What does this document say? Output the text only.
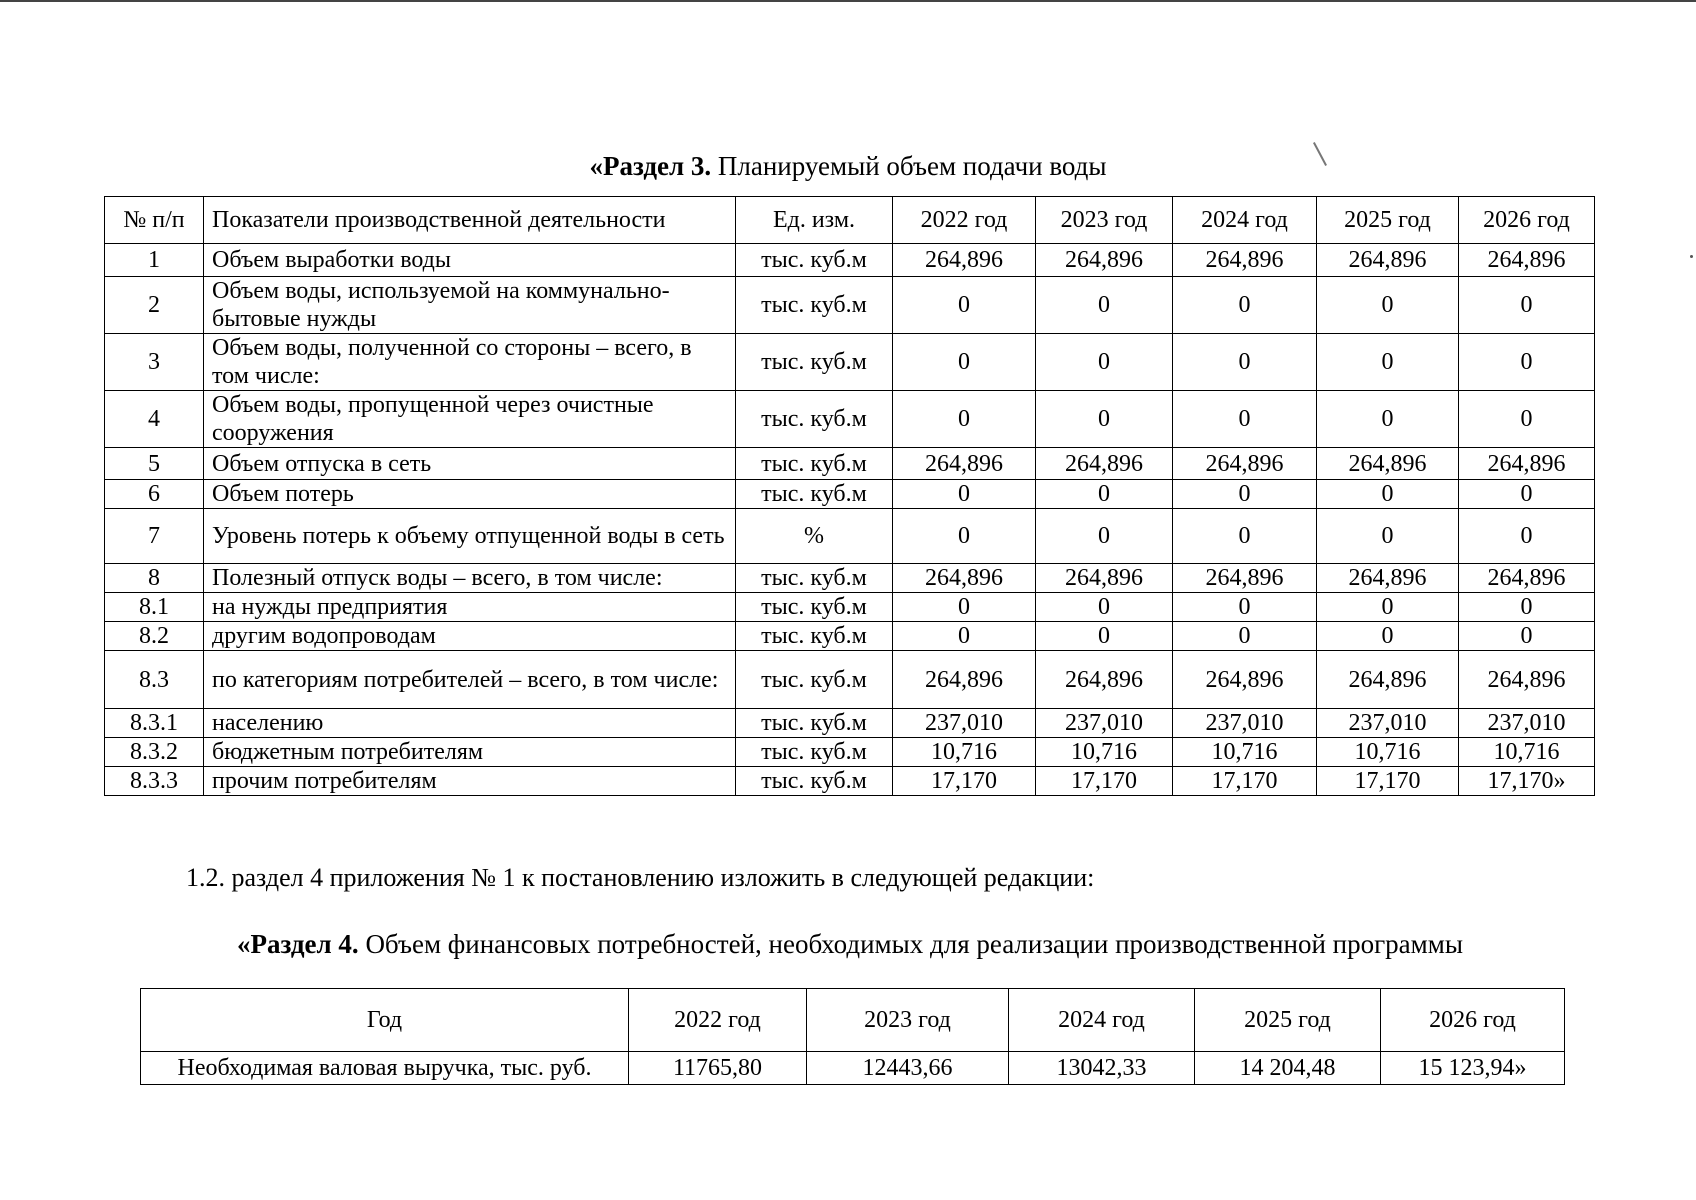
«Раздел 3. Планируемый объем подачи воды
№ п/п	Показатели производственной деятельности	Ед. изм.	2022 год	2023 год	2024 год	2025 год	2026 год
1	Объем выработки воды	тыс. куб.м	264,896	264,896	264,896	264,896	264,896
2	Объем воды, используемой на коммунально-бытовые нужды	тыс. куб.м	0	0	0	0	0
3	Объем воды, полученной со стороны – всего, в том числе:	тыс. куб.м	0	0	0	0	0
4	Объем воды, пропущенной через очистные сооружения	тыс. куб.м	0	0	0	0	0
5	Объем отпуска в сеть	тыс. куб.м	264,896	264,896	264,896	264,896	264,896
6	Объем потерь	тыс. куб.м	0	0	0	0	0
7	Уровень потерь к объему отпущенной воды в сеть	%	0	0	0	0	0
8	Полезный отпуск воды – всего, в том числе:	тыс. куб.м	264,896	264,896	264,896	264,896	264,896
8.1	на нужды предприятия	тыс. куб.м	0	0	0	0	0
8.2	другим водопроводам	тыс. куб.м	0	0	0	0	0
8.3	по категориям потребителей – всего, в том числе:	тыс. куб.м	264,896	264,896	264,896	264,896	264,896
8.3.1	населению	тыс. куб.м	237,010	237,010	237,010	237,010	237,010
8.3.2	бюджетным потребителям	тыс. куб.м	10,716	10,716	10,716	10,716	10,716
8.3.3	прочим потребителям	тыс. куб.м	17,170	17,170	17,170	17,170	17,170»
1.2. раздел 4 приложения № 1 к постановлению изложить в следующей редакции:
«Раздел 4. Объем финансовых потребностей, необходимых для реализации производственной программы
Год	2022 год	2023 год	2024 год	2025 год	2026 год
Необходимая валовая выручка, тыс. руб.	11765,80	12443,66	13042,33	14 204,48	15 123,94»
